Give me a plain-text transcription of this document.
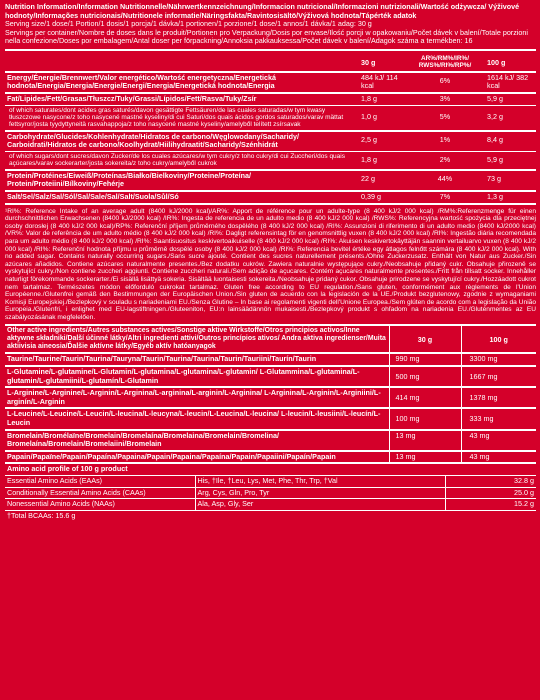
Nutrition Information/Information Nutritionnelle/Nährwertkennzeichnung/Informacion nutricional/Informazioni nutrizionali/Wartość odżywcza/ Výživové hodnoty/Informações nutricionais/Nutritionele informatie/Näringsfakta/Ravintosisältö/Výživová hodnota/Tápérték adatok
Serving size/1 dose/1 Portion/1 dosis/1 porcja/1 dávka/1 portionen/1 porzione/1 dose/1 annos/1 dávka/1 adag: 30 g
Servings per container/Nombre de doses dans le produit/Portionen pro Verpackung/Dosis por envase/Ilość porcji w opakowaniu/Počet dávek v balení/Totale porzioni nella confezione/Doses por embalagem/Antal doser per förpackning/Annoksia pakkauksessa/Počet dávek v balení/Adagok száma a termékben: 16
	30 g	AR%/RM%/IR%/ RWS%/RI%/RP%/	100 g
Energy/Énergie/Brennwert/Valor energético/Wartość energetyczna/Energetická hodnota/Energia/Energia/Energie/Energi/Energia/Energetická hodnota/Energia	484 kJ/ 114 kcal	6%	1614 kJ/ 382 kcal
Fat/Lipides/Fett/Grasas/Tłuszcz/Tuky/Grassi/Lípidos/Fett/Rasva/Tuky/Zsír	1,8 g	3%	5,9 g
of which saturates/dont acides gras saturés/davon gesättigte Fettsäuren/de las cuales saturadas/w tym kwasy tłuszczowe nasycone/z toho nasycené mastné kyseliny/di cui Saturi/dos quais ácidos gordos saturados/varav mättat fettsyror/josta tyydyttyneitä rasvahappoja/z toho nasycené mastné kyseliny/amelyből telített zsírsavak	1,0 g	5%	3,2 g
Carbohydrate/Glucides/Kohlenhydrate/Hidratos de carbono/Węglowodany/Sacharidy/ Carboidrati/Hidratos de carbono/Koolhydrat/Hiilihydraatit/Sacharidy/Szénhidrát	2,5 g	1%	8,4 g
of which sugars/dont sucres/davon Zucker/de los cuales azúcares/w tym cukry/z toho cukry/di cui Zuccheri/dos quais açúcares/varav sockerarter/josta sokereita/z toho cukry/amelyből cukrok	1,8 g	2%	5,9 g
Protein/Protéines/Eiweiß/Proteínas/Białko/Bielkoviny/Proteine/Proteína/ Protein/Proteiini/Bílkoviny/Fehérje	22 g	44%	73 g
Salt/Sel/Salz/Sal/Sól/Sal/Sale/Sal/Salt/Suola/Sůl/Só	0,39 g	7%	1,3 g
¹RI%: Reference Intake of an average adult (8400 kJ/2000 kcal)/AR%: Apport de référence pour un adulte-type (8 400 kJ/2 000 kcal) /RM%:Referenzmenge für einen durchschnittlichen Erwachsenen (8400 kJ/2000 kcal) /IR%: Ingesta de referencia de un adulto medio (8 400 kJ/2 000 kcal) /RWS%: Referencyjna wartość spożycia dla przeciętnej osoby dorosłej (8 400 kJ/2 000 kcal)/RP%: Referenční příjem průměrného dospělého (8 400 kJ/2 000 kcal) /RI%: Assunzioni di riferimento di un adulto medio (8400 kJ/2000 kcal) /VR%: Valor de referência de um adulto médio (8 400 kJ/2 000 kcal) /RI%: Dagligt referensintag för en genomsnittlig vuxen (8 400 kJ/2 000 kcal) /RI%: Ingestão diária recomendada para um adulto médio (8 400 kJ/2 000 kcal) /RI%: Saantisuositus keskivertoaikuiselle (8 400 kJ/2 000 kcal) /RI%: Akuisen keskivertokäyttäjän saannin vertailuarvo vuxen (8 400 kJ/2 000 kcal) /RI%: Referenční hodnota příjmu u průměrně dospělé osoby (8 400 kJ/2 000 kcal) /RI%: Referencia bevitel értéke egy átlagos felnőtt számára (8 400 kJ/2 000 kcal). With no added sugar. Contains naturally occurring sugars./Sans sucre ajouté. Contient des sucres naturellement présents./Ohne Zuckerzusatz. Enthält von Natur aus Zucker./Sin azúcares añadidos. Contiene azúcares naturalmente presentes./Bez dodatku cukrów. Zawiera naturalnie występujące cukry./Neobsahuje přidaný cukr. Obsahuje přirozeně se vyskytující cukry./Non contiene zuccheri aggiunti. Contiene zuccheri naturali./Sem adição de açucares. Contém açucares naturalmente presentes./Fritt från tillsatt socker. Innehåller naturligt förekommande sockerarter./Ei sisällä lisättyä sokeria. Sisältää luontaisesti sokereita./Neobsahuje pridaný cukor. Obsahuje prirodzene se vyskytující cukry./Hozzáadott cukrot nem tartalmaz. Természetes módon előforduló cukrokat tartalmaz. Gluten free according to EU regulation./Sans gluten, conformément aux règlements de l'Union Européenne./Glutenfrei gemäß den Bestimmungen der Europäischen Union./Sin gluten de acuerdo con la legislación de la UE./Produkt bezglutenowy, zgodnie z wymaganiami Komisji Europejskiej./Bezlepkový v souladu s nariadeniami EU./Senza Glutine – In base ai regolamenti vigenti dell'Unione Europea./Sem glúten de acordo com a legislação da União Europeia./Glutenfri, i enlighet med EU-lagstiftningen./Gluteeniton, EU:n lainsäädännön mukaisesti./Bezlepkový produkt s ohľadom na nariadenia EU./Gluténmentes az EU szabályozásának megfelelően.
Other active ingredients/Autres substances actives/Sonstige aktive Wirkstoffe/Otros principios activos/Inne aktywne składniki/Další účinné látky/Altri ingredienti attivi/Outros princípios ativos/ Andra aktiva ingredienser/Muita aktiivisia aineosia/Ďalšie aktívne látky/Egyéb aktív hatóanyagok	30 g	100 g
Taurine/Taurine/Taurin/Taurina/Tauryna/Taurin/Taurina/Taurina/Taurin/Tauriini/Taurín/Taurin	990 mg	3300 mg
L-Glutamine/L-glutamine/L-Glutamin/L-glutamina/L-glutamina/L-glutamin/ L-Glutammina/L-glutamina/L-glutamin/L-glutamiini/L-glutamín/L-Glutamin	500 mg	1667 mg
L-Arginine/L-Arginine/L-Arginin/L-Arginina/L-arginina/L-arginin/L-Arginina/ L-Arginina/L-Arginin/L-Arginiini/L-arginín/L-Arginin	414 mg	1378 mg
L-Leucine/L-Leucine/L-Leucin/L-leucina/L-leucyna/L-leucin/L-Leucina/L-leucina/ L-leucin/L-leusiini/L-leucín/L-Leucin	100 mg	333 mg
Bromelain/Bromélaïne/Bromelain/Bromelaína/Bromelaina/Bromelain/Bromelina/ Bromelaína/Bromelain/Bromelaiini/Bromelain	13 mg	43 mg
Papain/Papaïne/Papain/Papaína/Papaina/Papain/Papaina/Papaína/Papain/Papaiini/Papaín/Papain	13 mg	43 mg
Amino acid profile of 100 g product		
Essential Amino Acids (EAAs)	His, †Ile, †Leu, Lys, Met, Phe, Thr, Trp, †Val	32.8 g
Conditionally Essential Amino Acids (CAAs)	Arg, Cys, Gln, Pro, Tyr	25.0 g
Nonessential Amino Acids (NAAs)	Ala, Asp, Gly, Ser	15.2 g
†Total BCAAs: 15.6 g		
